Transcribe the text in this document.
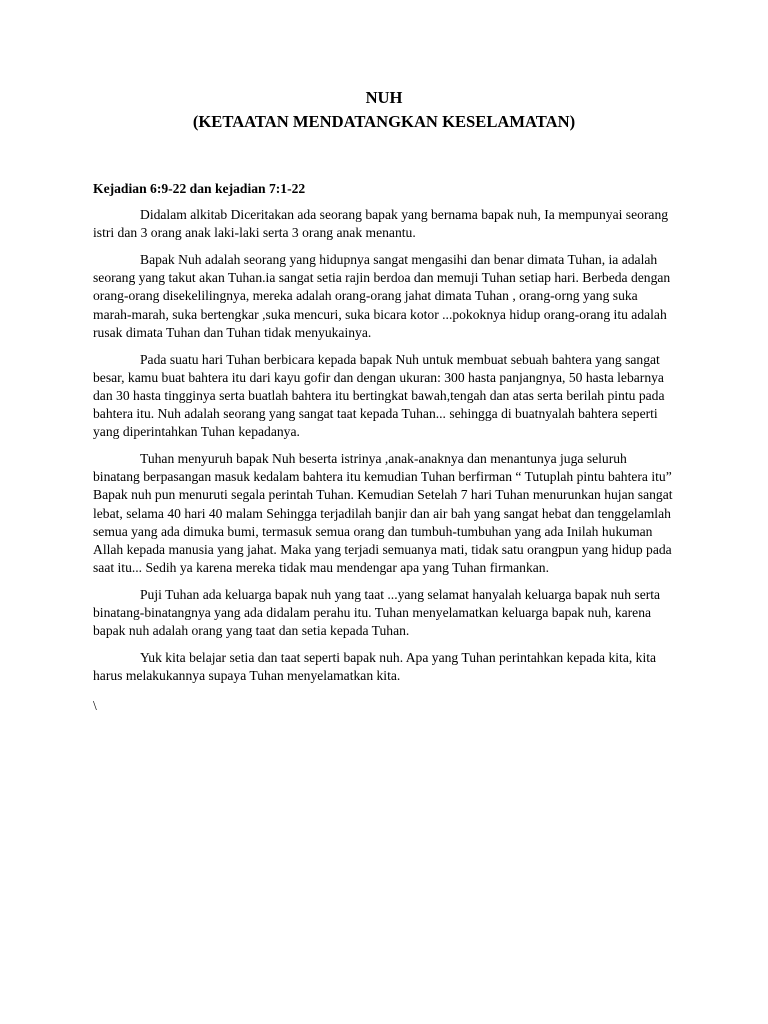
NUH

(KETAATAN MENDATANGKAN KESELAMATAN)

Kejadian 6:9-22 dan kejadian 7:1-22

Didalam alkitab Diceritakan ada seorang bapak yang bernama bapak nuh, Ia mempunyai seorang istri dan 3 orang anak laki-laki serta 3 orang anak menantu.

Bapak Nuh adalah seorang yang hidupnya sangat mengasihi dan benar dimata Tuhan, ia adalah seorang yang takut akan Tuhan.ia sangat setia rajin berdoa dan memuji Tuhan setiap hari. Berbeda dengan orang-orang disekelilingnya, mereka adalah orang-orang jahat dimata Tuhan , orang-orng yang suka marah-marah, suka bertengkar ,suka mencuri, suka bicara kotor ...pokoknya hidup orang-orang itu adalah rusak dimata Tuhan dan Tuhan tidak menyukainya.

Pada suatu hari Tuhan berbicara kepada bapak Nuh untuk membuat sebuah bahtera yang sangat besar, kamu buat bahtera itu dari kayu gofir dan dengan ukuran: 300 hasta panjangnya, 50 hasta lebarnya dan 30 hasta tingginya serta buatlah bahtera itu bertingkat bawah,tengah dan atas serta berilah pintu pada bahtera itu. Nuh adalah seorang yang sangat taat kepada Tuhan... sehingga di buatnyalah bahtera seperti yang diperintahkan Tuhan kepadanya.

Tuhan menyuruh bapak Nuh beserta istrinya ,anak-anaknya dan menantunya juga seluruh binatang berpasangan masuk kedalam bahtera itu kemudian Tuhan berfirman “ Tutuplah pintu bahtera itu” Bapak nuh pun menuruti segala perintah Tuhan. Kemudian Setelah 7 hari Tuhan menurunkan hujan sangat lebat, selama 40 hari 40 malam Sehingga terjadilah banjir dan air bah yang sangat hebat dan tenggelamlah semua yang ada dimuka bumi, termasuk semua orang dan tumbuh-tumbuhan yang ada Inilah hukuman Allah kepada manusia yang jahat. Maka yang terjadi semuanya mati, tidak satu orangpun yang hidup pada saat itu... Sedih ya karena mereka tidak mau mendengar apa yang Tuhan firmankan.

Puji Tuhan ada keluarga bapak nuh yang taat ...yang selamat hanyalah keluarga bapak nuh serta binatang-binatangnya yang ada didalam perahu itu. Tuhan menyelamatkan keluarga bapak nuh, karena bapak nuh adalah orang yang taat dan setia kepada Tuhan.

Yuk kita belajar setia dan taat seperti bapak nuh. Apa yang Tuhan perintahkan kepada kita, kita harus melakukannya supaya Tuhan menyelamatkan kita.

\
